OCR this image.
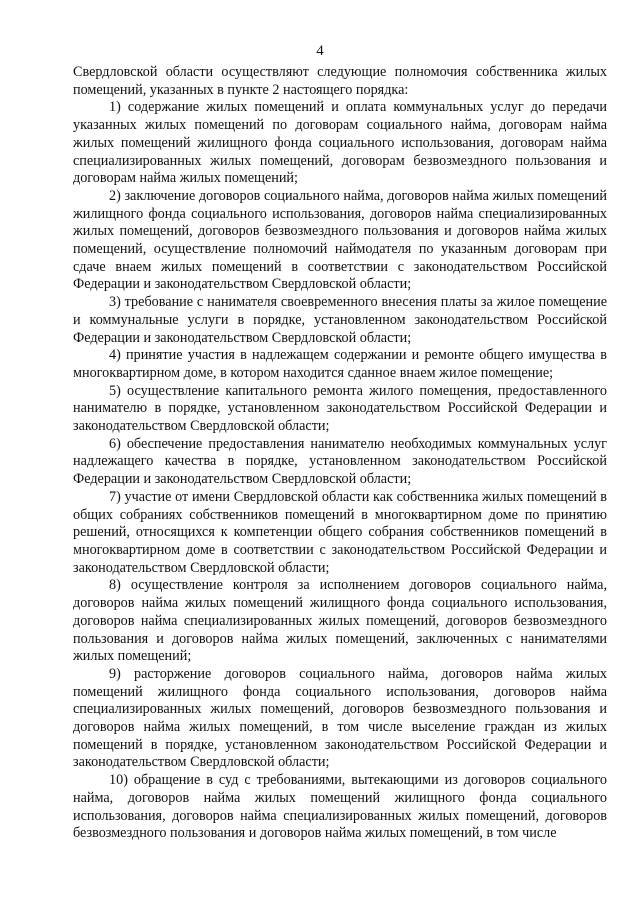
4

Свердловской области осуществляют следующие полномочия собственника жилых помещений, указанных в пункте 2 настоящего порядка:

1) содержание жилых помещений и оплата коммунальных услуг до передачи указанных жилых помещений по договорам социального найма, договорам найма жилых помещений жилищного фонда социального использования, договорам найма специализированных жилых помещений, договорам безвозмездного пользования и договорам найма жилых помещений;

2) заключение договоров социального найма, договоров найма жилых помещений жилищного фонда социального использования, договоров найма специализированных жилых помещений, договоров безвозмездного пользования и договоров найма жилых помещений, осуществление полномочий наймодателя по указанным договорам при сдаче внаем жилых помещений в соответствии с законодательством Российской Федерации и законодательством Свердловской области;

3) требование с нанимателя своевременного внесения платы за жилое помещение и коммунальные услуги в порядке, установленном законодательством Российской Федерации и законодательством Свердловской области;

4) принятие участия в надлежащем содержании и ремонте общего имущества в многоквартирном доме, в котором находится сданное внаем жилое помещение;

5) осуществление капитального ремонта жилого помещения, предоставленного нанимателю в порядке, установленном законодательством Российской Федерации и законодательством Свердловской области;

6) обеспечение предоставления нанимателю необходимых коммунальных услуг надлежащего качества в порядке, установленном законодательством Российской Федерации и законодательством Свердловской области;

7) участие от имени Свердловской области как собственника жилых помещений в общих собраниях собственников помещений в многоквартирном доме по принятию решений, относящихся к компетенции общего собрания собственников помещений в многоквартирном доме в соответствии с законодательством Российской Федерации и законодательством Свердловской области;

8) осуществление контроля за исполнением договоров социального найма, договоров найма жилых помещений жилищного фонда социального использования, договоров найма специализированных жилых помещений, договоров безвозмездного пользования и договоров найма жилых помещений, заключенных с нанимателями жилых помещений;

9) расторжение договоров социального найма, договоров найма жилых помещений жилищного фонда социального использования, договоров найма специализированных жилых помещений, договоров безвозмездного пользования и договоров найма жилых помещений, в том числе выселение граждан из жилых помещений в порядке, установленном законодательством Российской Федерации и законодательством Свердловской области;

10) обращение в суд с требованиями, вытекающими из договоров социального найма, договоров найма жилых помещений жилищного фонда социального использования, договоров найма специализированных жилых помещений, договоров безвозмездного пользования и договоров найма жилых помещений, в том числе
